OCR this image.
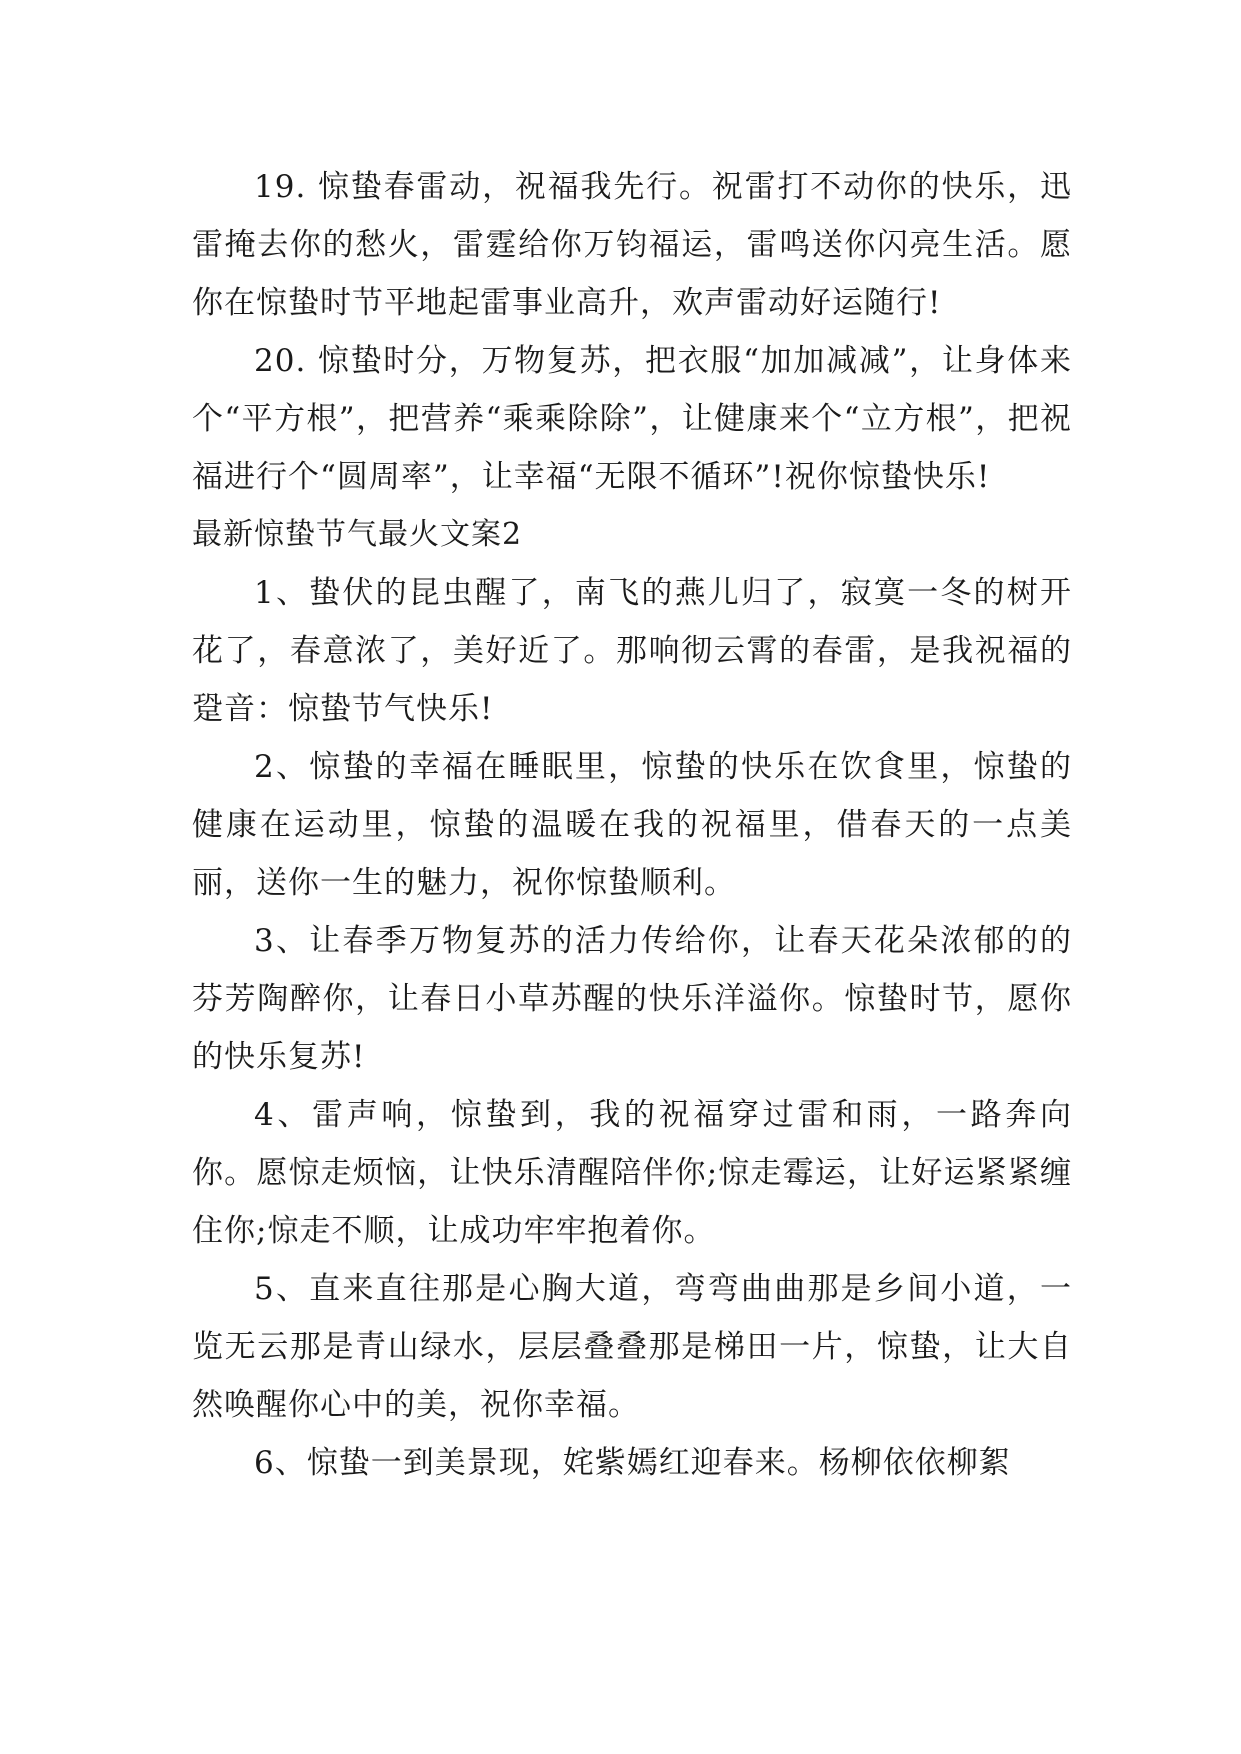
19. 惊蛰春雷动，祝福我先行。祝雷打不动你的快乐，迅雷掩去你的愁火，雷霆给你万钧福运，雷鸣送你闪亮生活。愿你在惊蛰时节平地起雷事业高升，欢声雷动好运随行!

20. 惊蛰时分，万物复苏，把衣服“加加减减”，让身体来个“平方根”，把营养“乘乘除除”，让健康来个“立方根”，把祝福进行个“圆周率”，让幸福“无限不循环”!祝你惊蛰快乐!

最新惊蛰节气最火文案2

1、蛰伏的昆虫醒了，南飞的燕儿归了，寂寞一冬的树开花了，春意浓了，美好近了。那响彻云霄的春雷，是我祝福的跫音：惊蛰节气快乐!

2、惊蛰的幸福在睡眠里，惊蛰的快乐在饮食里，惊蛰的健康在运动里，惊蛰的温暖在我的祝福里，借春天的一点美丽，送你一生的魅力，祝你惊蛰顺利。

3、让春季万物复苏的活力传给你，让春天花朵浓郁的的芬芳陶醉你，让春日小草苏醒的快乐洋溢你。惊蛰时节，愿你的快乐复苏!

4、雷声响，惊蛰到，我的祝福穿过雷和雨，一路奔向你。愿惊走烦恼，让快乐清醒陪伴你;惊走霉运，让好运紧紧缠住你;惊走不顺，让成功牢牢抱着你。

5、直来直往那是心胸大道，弯弯曲曲那是乡间小道，一览无云那是青山绿水，层层叠叠那是梯田一片，惊蛰，让大自然唤醒你心中的美，祝你幸福。

6、惊蛰一到美景现，姹紫嫣红迎春来。杨柳依依柳絮
